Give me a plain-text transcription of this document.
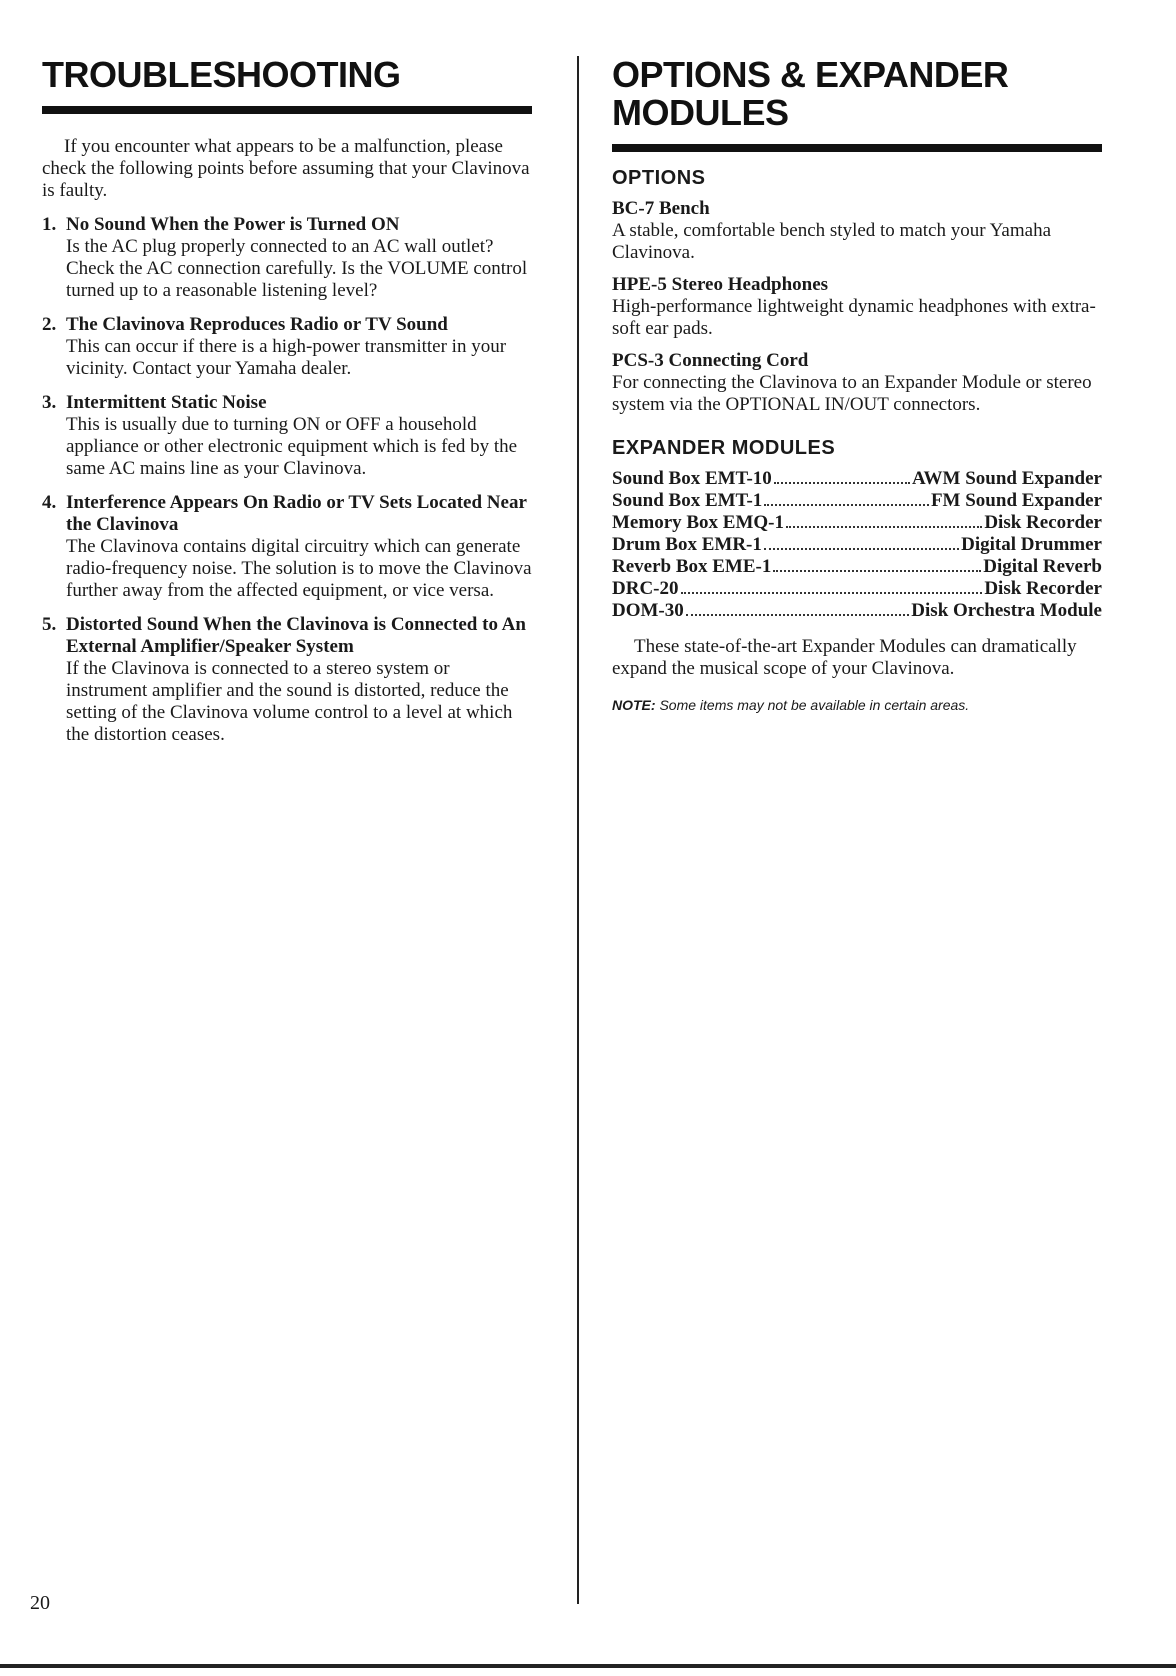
TROUBLESHOOTING

If you encounter what appears to be a malfunction, please check the following points before assuming that your Clavinova is faulty.

1. No Sound When the Power is Turned ON
Is the AC plug properly connected to an AC wall outlet? Check the AC connection carefully. Is the VOLUME control turned up to a reasonable listening level?
2. The Clavinova Reproduces Radio or TV Sound
This can occur if there is a high-power transmitter in your vicinity. Contact your Yamaha dealer.
3. Intermittent Static Noise
This is usually due to turning ON or OFF a household appliance or other electronic equipment which is fed by the same AC mains line as your Clavinova.
4. Interference Appears On Radio or TV Sets Located Near the Clavinova
The Clavinova contains digital circuitry which can generate radio-frequency noise. The solution is to move the Clavinova further away from the affected equipment, or vice versa.
5. Distorted Sound When the Clavinova is Connected to An External Amplifier/Speaker System
If the Clavinova is connected to a stereo system or instrument amplifier and the sound is distorted, reduce the setting of the Clavinova volume control to a level at which the distortion ceases.
OPTIONS & EXPANDER
MODULES
OPTIONS
BC-7 Bench
A stable, comfortable bench styled to match your Yamaha Clavinova.
HPE-5 Stereo Headphones
High-performance lightweight dynamic headphones with extra-soft ear pads.
PCS-3 Connecting Cord
For connecting the Clavinova to an Expander Module or stereo system via the OPTIONAL IN/OUT connectors.
EXPANDER MODULES
Sound Box EMT-10	AWM Sound Expander
Sound Box EMT-1	FM Sound Expander
Memory Box EMQ-1	Disk Recorder
Drum Box EMR-1	Digital Drummer
Reverb Box EME-1	Digital Reverb
DRC-20	Disk Recorder
DOM-30	Disk Orchestra Module

These state-of-the-art Expander Modules can dramatically expand the musical scope of your Clavinova.

NOTE: Some items may not be available in certain areas.

20
